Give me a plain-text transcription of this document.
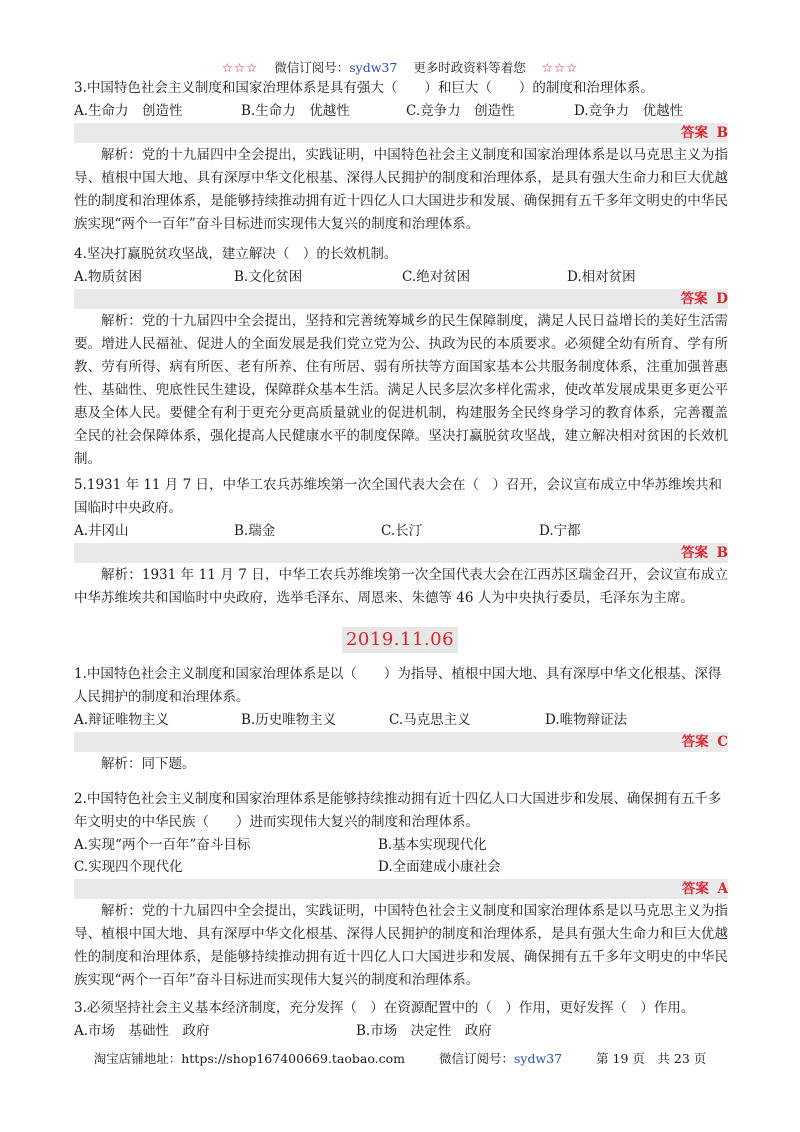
☆☆☆ 微信订阅号：sydw37 更多时政资料等着您 ☆☆☆
3.中国特色社会主义制度和国家治理体系是具有强大（　　）和巨大（　　）的制度和治理体系。
A.生命力　创造性	B.生命力　优越性	C.竞争力　创造性	D.竞争力　优越性
答案 B
解析：党的十九届四中全会提出，实践证明，中国特色社会主义制度和国家治理体系是以马克思主义为指导、植根中国大地、具有深厚中华文化根基、深得人民拥护的制度和治理体系，是具有强大生命力和巨大优越性的制度和治理体系，是能够持续推动拥有近十四亿人口大国进步和发展、确保拥有五千多年文明史的中华民族实现“两个一百年”奋斗目标进而实现伟大复兴的制度和治理体系。
4.坚决打赢脱贫攻坚战，建立解决（　）的长效机制。
A.物质贫困	B.文化贫困	C.绝对贫困	D.相对贫困
答案 D
解析：党的十九届四中全会提出，坚持和完善统筹城乡的民生保障制度，满足人民日益增长的美好生活需要。增进人民福祉、促进人的全面发展是我们党立党为公、执政为民的本质要求。必须健全幼有所育、学有所教、劳有所得、病有所医、老有所养、住有所居、弱有所扶等方面国家基本公共服务制度体系，注重加强普惠性、基础性、兜底性民生建设，保障群众基本生活。满足人民多层次多样化需求，使改革发展成果更多更公平惠及全体人民。要健全有利于更充分更高质量就业的促进机制，构建服务全民终身学习的教育体系，完善覆盖全民的社会保障体系，强化提高人民健康水平的制度保障。坚决打赢脱贫攻坚战，建立解决相对贫困的长效机制。
5.1931 年 11 月 7 日，中华工农兵苏维埃第一次全国代表大会在（　）召开，会议宣布成立中华苏维埃共和国临时中央政府。
A.井冈山	B.瑞金	C.长汀	D.宁都
答案 B
解析：1931 年 11 月 7 日，中华工农兵苏维埃第一次全国代表大会在江西苏区瑞金召开，会议宣布成立中华苏维埃共和国临时中央政府，选举毛泽东、周恩来、朱德等 46 人为中央执行委员，毛泽东为主席。
2019.11.06
1.中国特色社会主义制度和国家治理体系是以（　　）为指导、植根中国大地、具有深厚中华文化根基、深得人民拥护的制度和治理体系。
A.辩证唯物主义	B.历史唯物主义	C.马克思主义	D.唯物辩证法
答案 C
解析：同下题。
2.中国特色社会主义制度和国家治理体系是能够持续推动拥有近十四亿人口大国进步和发展、确保拥有五千多年文明史的中华民族（　　）进而实现伟大复兴的制度和治理体系。
A.实现“两个一百年”奋斗目标	B.基本实现现代化
C.实现四个现代化	D.全面建成小康社会
答案 A
解析：党的十九届四中全会提出，实践证明，中国特色社会主义制度和国家治理体系是以马克思主义为指导、植根中国大地、具有深厚中华文化根基、深得人民拥护的制度和治理体系，是具有强大生命力和巨大优越性的制度和治理体系，是能够持续推动拥有近十四亿人口大国进步和发展、确保拥有五千多年文明史的中华民族实现“两个一百年”奋斗目标进而实现伟大复兴的制度和治理体系。
3.必须坚持社会主义基本经济制度，充分发挥（　）在资源配置中的（　）作用，更好发挥（　）作用。
A.市场　基础性　政府	B.市场　决定性　政府
淘宝店铺地址：https://shop167400669.taobao.com	微信订阅号：sydw37	第 19 页　共 23 页
